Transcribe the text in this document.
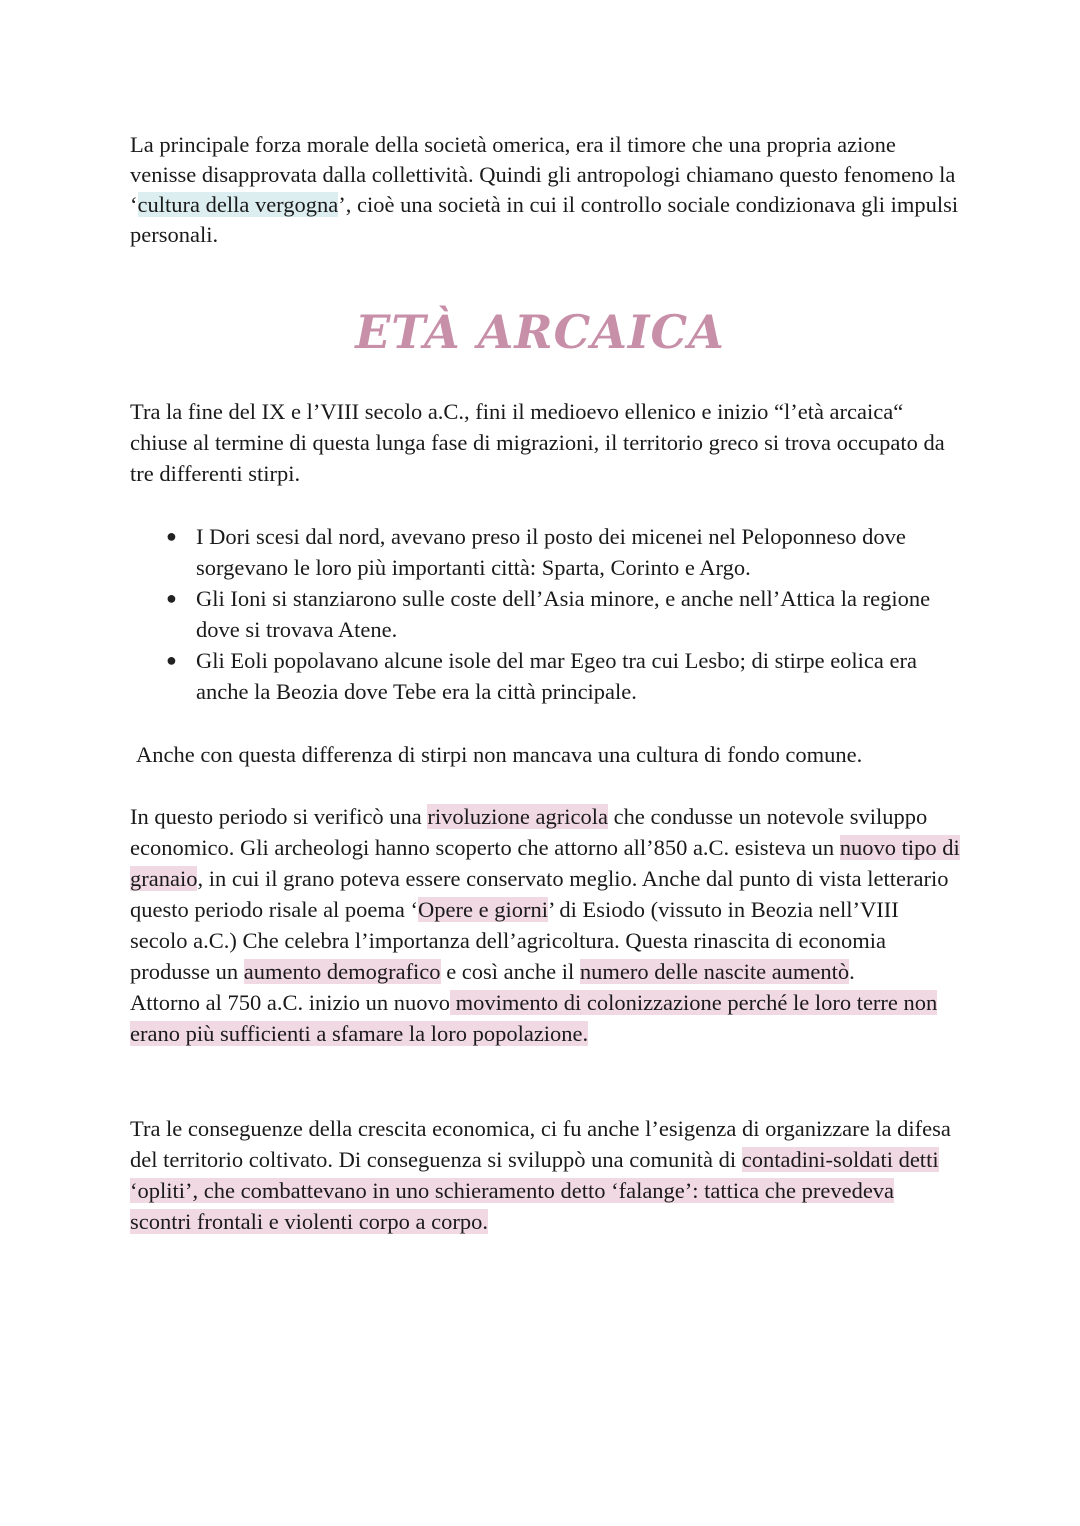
La principale forza morale della società omerica, era il timore che una propria azione venisse disapprovata dalla collettività. Quindi gli antropologi chiamano questo fenomeno la ‘cultura della vergogna’, cioè una società in cui il controllo sociale condizionava gli impulsi personali.
ETÀ ARCAICA
Tra la fine del IX e l’VIII secolo a.C., fini il medioevo ellenico e inizio “l’età arcaica“ chiuse al termine di questa lunga fase di migrazioni, il territorio greco si trova occupato da tre differenti stirpi.
● I Dori scesi dal nord, avevano preso il posto dei micenei nel Peloponneso dove sorgevano le loro più importanti città: Sparta, Corinto e Argo.
● Gli Ioni si stanziarono sulle coste dell’Asia minore, e anche nell’Attica la regione dove si trovava Atene.
● Gli Eoli popolavano alcune isole del mar Egeo tra cui Lesbo; di stirpe eolica era anche la Beozia dove Tebe era la città principale.
Anche con questa differenza di stirpi non mancava una cultura di fondo comune.
In questo periodo si verificò una rivoluzione agricola che condusse un notevole sviluppo economico. Gli archeologi hanno scoperto che attorno all’850 a.C. esisteva un nuovo tipo di granaio, in cui il grano poteva essere conservato meglio. Anche dal punto di vista letterario questo periodo risale al poema ‘Opere e giorni’ di Esiodo (vissuto in Beozia nell’VIII secolo a.C.) Che celebra l’importanza dell’agricoltura. Questa rinascita di economia produsse un aumento demografico e così anche il numero delle nascite aumentò.
Attorno al 750 a.C. inizio un nuovo movimento di colonizzazione perché le loro terre non erano più sufficienti a sfamare la loro popolazione.
Tra le conseguenze della crescita economica, ci fu anche l’esigenza di organizzare la difesa del territorio coltivato. Di conseguenza si sviluppò una comunità di contadini-soldati detti ‘opliti’, che combattevano in uno schieramento detto ‘falange’: tattica che prevedeva scontri frontali e violenti corpo a corpo.
